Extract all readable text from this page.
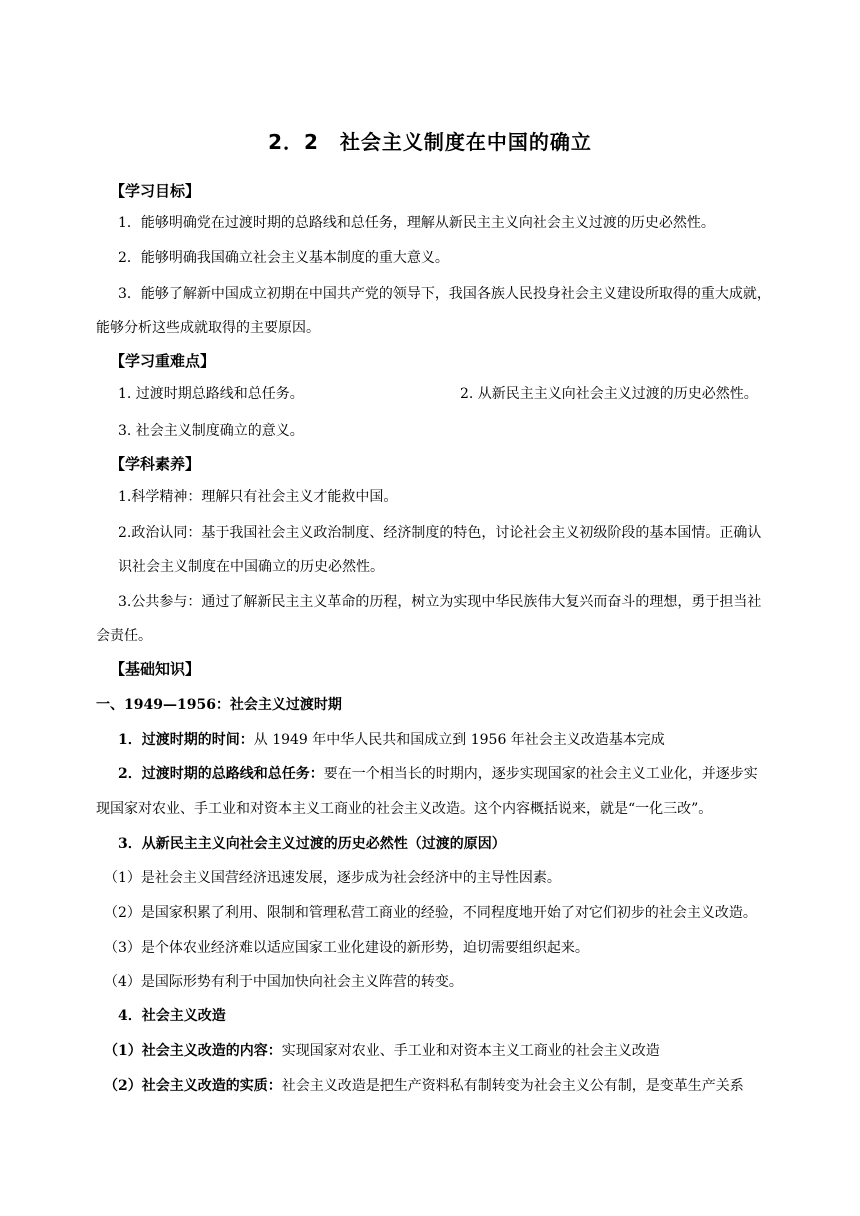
2．2　社会主义制度在中国的确立
【学习目标】
1．能够明确党在过渡时期的总路线和总任务，理解从新民主主义向社会主义过渡的历史必然性。
2．能够明确我国确立社会主义基本制度的重大意义。
3．能够了解新中国成立初期在中国共产党的领导下，我国各族人民投身社会主义建设所取得的重大成就，
能够分析这些成就取得的主要原因。
【学习重难点】
1. 过渡时期总路线和总任务。	2. 从新民主主义向社会主义过渡的历史必然性。
3. 社会主义制度确立的意义。
【学科素养】
1.科学精神：理解只有社会主义才能救中国。
2.政治认同：基于我国社会主义政治制度、经济制度的特色，讨论社会主义初级阶段的基本国情。正确认
识社会主义制度在中国确立的历史必然性。
3.公共参与：通过了解新民主主义革命的历程，树立为实现中华民族伟大复兴而奋斗的理想，勇于担当社
会责任。
【基础知识】
一、1949—1956：社会主义过渡时期
1．过渡时期的时间：从 1949 年中华人民共和国成立到 1956 年社会主义改造基本完成
2．过渡时期的总路线和总任务：要在一个相当长的时期内，逐步实现国家的社会主义工业化，并逐步实
现国家对农业、手工业和对资本主义工商业的社会主义改造。这个内容概括说来，就是“一化三改”。
3．从新民主主义向社会主义过渡的历史必然性（过渡的原因）
（1）是社会主义国营经济迅速发展，逐步成为社会经济中的主导性因素。
（2）是国家积累了利用、限制和管理私营工商业的经验，不同程度地开始了对它们初步的社会主义改造。
（3）是个体农业经济难以适应国家工业化建设的新形势，迫切需要组织起来。
（4）是国际形势有利于中国加快向社会主义阵营的转变。
4．社会主义改造
（1）社会主义改造的内容：实现国家对农业、手工业和对资本主义工商业的社会主义改造
（2）社会主义改造的实质：社会主义改造是把生产资料私有制转变为社会主义公有制，是变革生产关系
